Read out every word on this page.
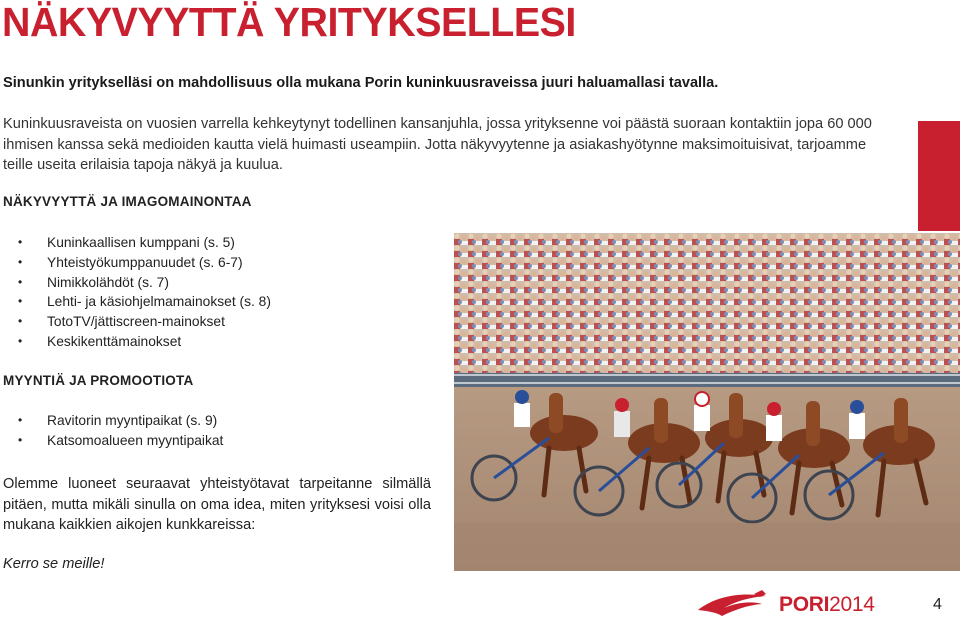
NÄKYVYYTTÄ YRITYKSELLESI
Sinunkin yritykselläsi on mahdollisuus olla mukana Porin kuninkuusraveissa juuri haluamallasi tavalla.
Kuninkuusraveista on vuosien varrella kehkeytynyt todellinen kansanjuhla, jossa yrityksenne voi päästä suoraan kontaktiin jopa 60 000 ihmisen kanssa sekä medioiden kautta vielä huimasti useampiin. Jotta näkyvyytenne ja asiakashyötynne maksimoituisivat, tarjoamme teille useita erilaisia tapoja näkyä ja kuulua.
NÄKYVYYTTÄ JA IMAGOMAINONTAA
• Kuninkaallisen kumppani (s. 5)
• Yhteistyökumppanuudet (s. 6-7)
• Nimikkolähdöt (s. 7)
• Lehti- ja käsiohjelmamainokset (s. 8)
• TotoTV/jättiscreen-mainokset
• Keskikenttämainokset
MYYNTIÄ JA PROMOOTIOTA
• Ravitorin myyntipaikat (s. 9)
• Katsomoalueen myyntipaikat
Olemme luoneet seuraavat yhteistyötavat tarpeitanne silmällä pitäen, mutta mikäli sinulla on oma idea, miten yrityksesi voisi olla mukana kaikkien aikojen kunkkareissa:
Kerro se meille!
PORI2014	4
